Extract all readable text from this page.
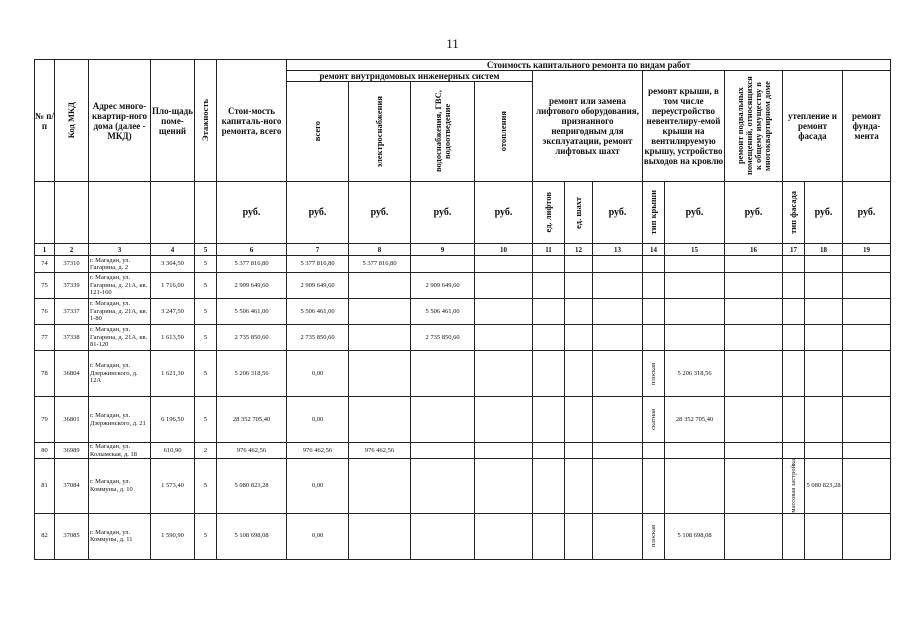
11
№ п/ п	Код МКД	Адрес много-квартир-ного дома (далее - МКД)	Пло-щадь поме-щений	Этажность	Стои-мость капиталь-ного ремонта, всего	Стоимость капитального ремонта по видам работ												
						ремонт внутридомовых инженерных систем				ремонт или замена лифтового оборудования, признанного непригодным для эксплуатации, ремонт лифтовых шахт			ремонт крыши, в том числе переустройство невентелиру-емой крыши на вентилируемую крышу, устройство выходов на кровлю		ремонт подвальных помещений, относящихся к общему имуществу в многоквартирном доме	утепление и ремонт фасада		ремонт фунда-мента

						всего	электроснабжения	водоснабжения, ГВС, водоотведение	отопления									

					руб.	руб.	руб.	руб.	руб.	ед. лифтов	ед. шахт	руб.	тип крыши	руб.	руб.	тип фасада	руб.	руб.
1	2	3	4	5	6	7	8	9	10	11	12	13	14	15	16	17	18	19
74	37310	г. Магадан, ул. Гагарина, д. 2	3 364,50	5	5 377 816,80	5 377 816,80	5 377 816,80						

75	37339	г. Магадан, ул. Гагарина, д. 21А, кв. 121-160	1 716,00	5	2 909 649,60	2 909 649,60		2 909 649,60					

76	37337	г. Магадан, ул. Гагарина, д. 21А, кв. 1-80	3 247,50	5	5 506 461,00	5 506 461,00		5 506 461,00					

77	37338	г. Магадан, ул. Гагарина, д. 21А, кв. 81-120	1 613,50	5	2 735 850,60	2 735 850,60		2 735 850,60					

78	36804	г. Магадан, ул. Дзержинского, д. 12А	1 621,30	5	5 206 318,56	0,00							плоская	5 206 318,56		

79	36801	г. Магадан, ул. Дзержинского, д. 21	6 196,50	5	28 352 705,40	0,00							скатная	28 352 705,40		

80	36989	г. Магадан, ул. Колымская, д. 18	610,90	2	976 462,56	976 462,56	976 462,56						

81	37084	г. Магадан, ул. Коммуны, д. 10	1 573,40	5	5 080 823,28	0,00										массовая застройка	5 080 823,28	
82	37085	г. Магадан, ул. Коммуны, д. 11	1 590,90	5	5 108 698,08	0,00							плоская	5 108 698,08		
